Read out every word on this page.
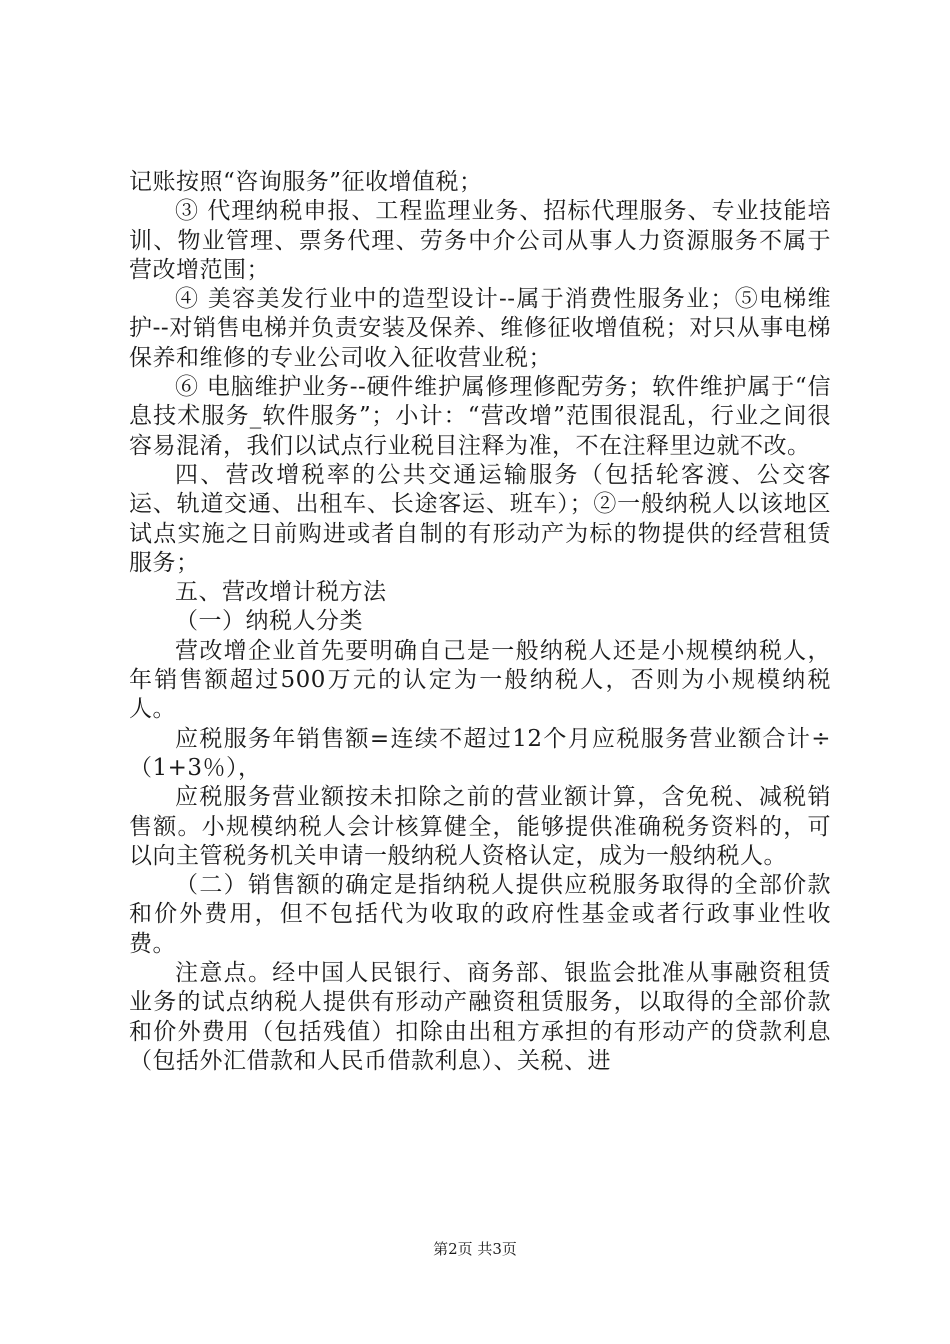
记账按照“咨询服务”征收增值税；

③ 代理纳税申报、工程监理业务、招标代理服务、专业技能培训、物业管理、票务代理、劳务中介公司从事人力资源服务不属于营改增范围；

④ 美容美发行业中的造型设计--属于消费性服务业；⑤电梯维护--对销售电梯并负责安装及保养、维修征收增值税；对只从事电梯保养和维修的专业公司收入征收营业税；

⑥ 电脑维护业务--硬件维护属修理修配劳务；软件维护属于“信息技术服务_软件服务”；小计：“营改增”范围很混乱，行业之间很容易混淆，我们以试点行业税目注释为准，不在注释里边就不改。

四、营改增税率的公共交通运输服务（包括轮客渡、公交客运、轨道交通、出租车、长途客运、班车）；②一般纳税人以该地区试点实施之日前购进或者自制的有形动产为标的物提供的经营租赁服务；

五、营改增计税方法

（一）纳税人分类

营改增企业首先要明确自己是一般纳税人还是小规模纳税人，年销售额超过500万元的认定为一般纳税人，否则为小规模纳税人。

应税服务年销售额=连续不超过12个月应税服务营业额合计÷（1+3％），

应税服务营业额按未扣除之前的营业额计算，含免税、减税销售额。小规模纳税人会计核算健全，能够提供准确税务资料的，可以向主管税务机关申请一般纳税人资格认定，成为一般纳税人。

（二）销售额的确定是指纳税人提供应税服务取得的全部价款和价外费用，但不包括代为收取的政府性基金或者行政事业性收费。

注意点。经中国人民银行、商务部、银监会批准从事融资租赁业务的试点纳税人提供有形动产融资租赁服务，以取得的全部价款和价外费用（包括残值）扣除由出租方承担的有形动产的贷款利息（包括外汇借款和人民币借款利息）、关税、进

第2页 共3页
